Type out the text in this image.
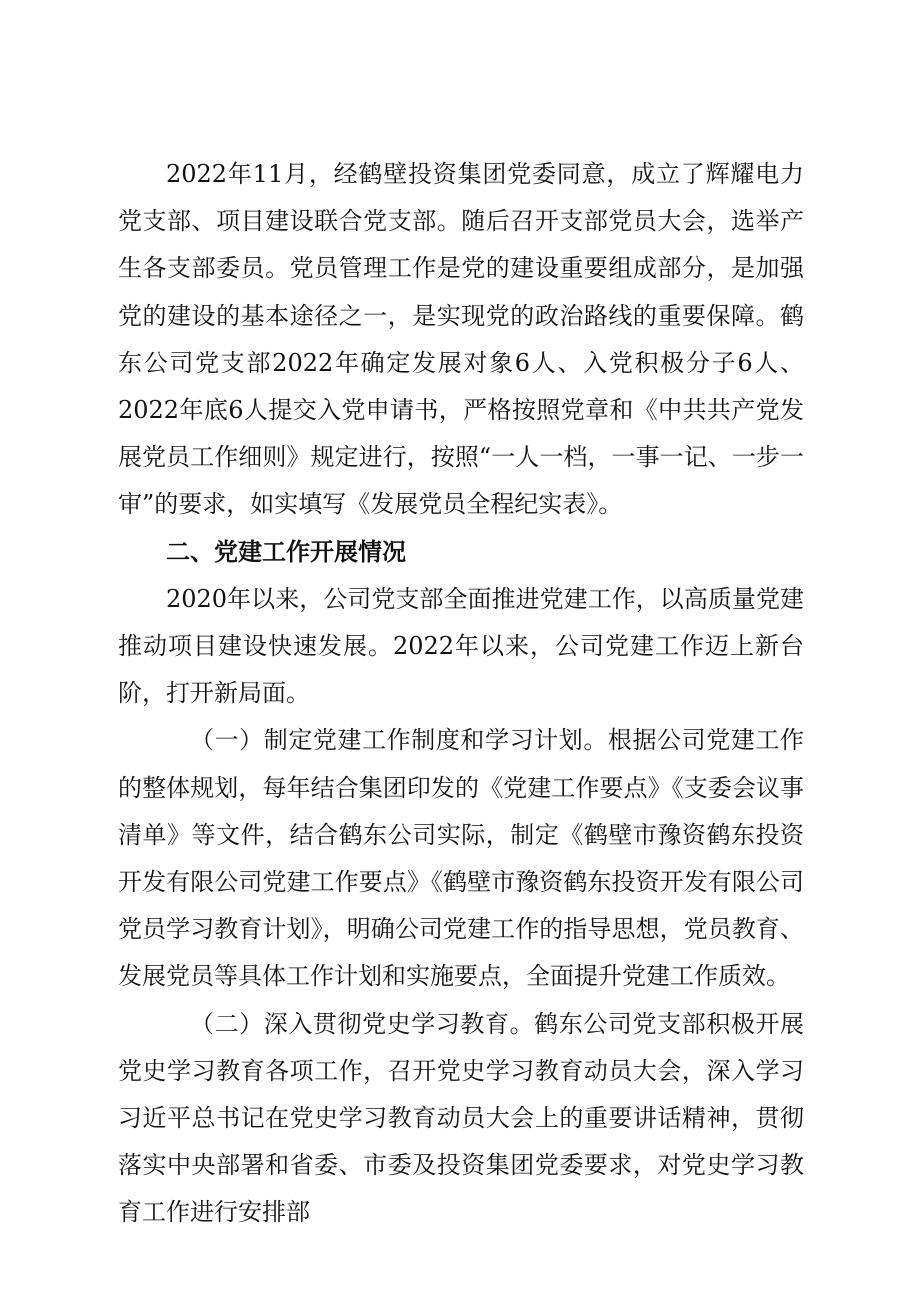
2022年11月，经鹤壁投资集团党委同意，成立了辉耀电力党支部、项目建设联合党支部。随后召开支部党员大会，选举产生各支部委员。党员管理工作是党的建设重要组成部分，是加强党的建设的基本途径之一，是实现党的政治路线的重要保障。鹤东公司党支部2022年确定发展对象6人、入党积极分子6人、2022年底6人提交入党申请书，严格按照党章和《中共共产党发展党员工作细则》规定进行，按照“一人一档，一事一记、一步一审”的要求，如实填写《发展党员全程纪实表》。

二、党建工作开展情况

2020年以来，公司党支部全面推进党建工作，以高质量党建推动项目建设快速发展。2022年以来，公司党建工作迈上新台阶，打开新局面。

（一）制定党建工作制度和学习计划。根据公司党建工作的整体规划，每年结合集团印发的《党建工作要点》《支委会议事清单》等文件，结合鹤东公司实际，制定《鹤壁市豫资鹤东投资开发有限公司党建工作要点》《鹤壁市豫资鹤东投资开发有限公司党员学习教育计划》，明确公司党建工作的指导思想，党员教育、发展党员等具体工作计划和实施要点，全面提升党建工作质效。

（二）深入贯彻党史学习教育。鹤东公司党支部积极开展党史学习教育各项工作，召开党史学习教育动员大会，深入学习习近平总书记在党史学习教育动员大会上的重要讲话精神，贯彻落实中央部署和省委、市委及投资集团党委要求，对党史学习教育工作进行安排部
